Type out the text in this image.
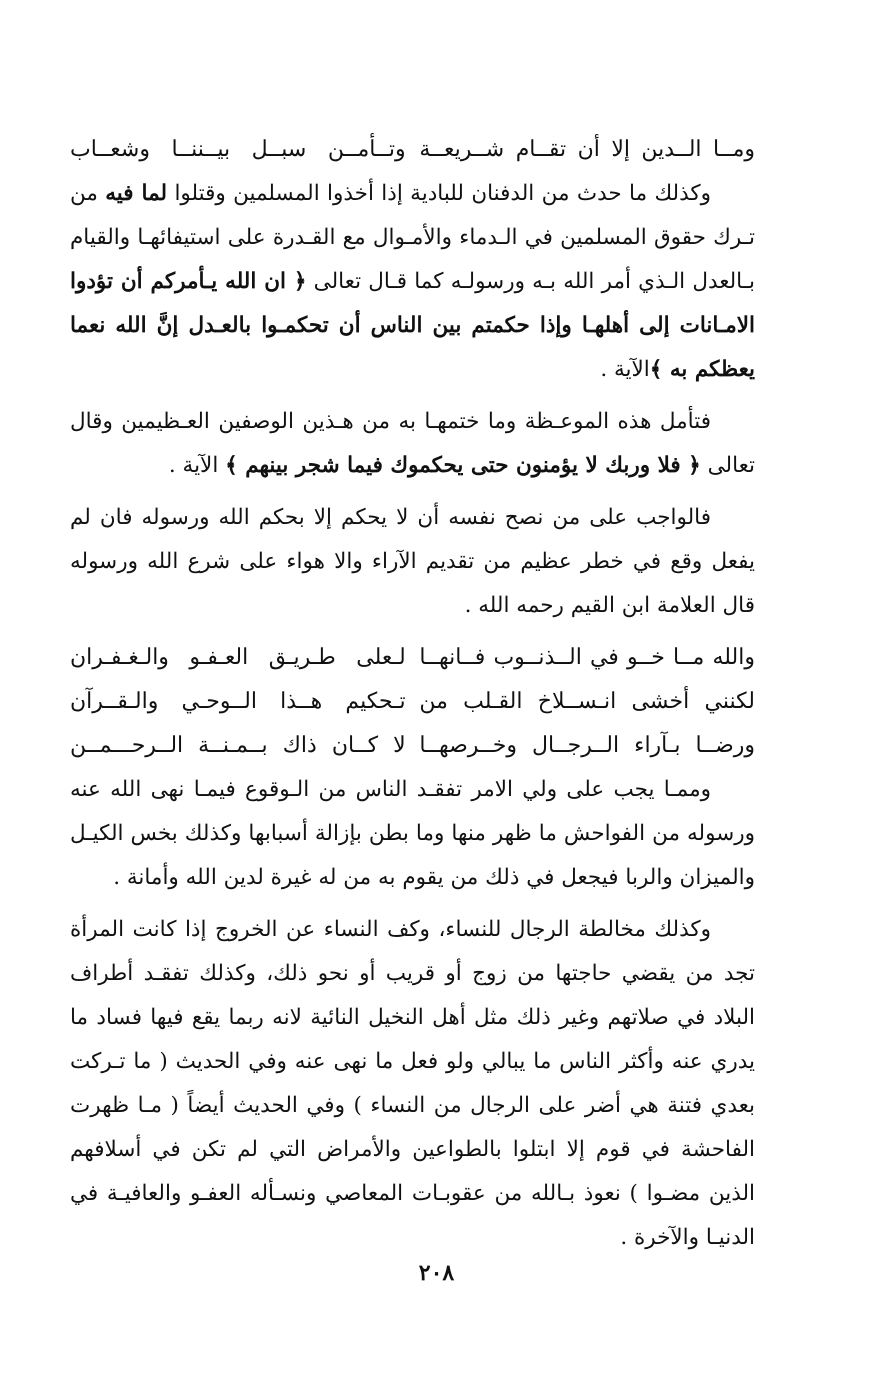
ومــا الــدين إلا أن تقــام شــريعــة
وتــأمــن سبــل بيــننــا وشعــاب

وكذلك ما حدث من الدفنان للبادية إذا أخذوا المسلمين وقتلوا لما فيه من تـرك حقوق المسلمين في الـدماء والأمـوال مع القـدرة على استيفائهـا والقيام بـالعدل الـذي أمر الله بـه ورسولـه كما قـال تعالى ﴿ ان الله يـأمركم أن تؤدوا الامـانات إلى أهلهـا وإذا حكمتم بين الناس أن تحكمـوا بالعـدل إنَّ الله نعما يعظكم به ﴾الآية .

فتأمل هذه الموعـظة وما ختمهـا به من هـذين الوصفين العـظيمين وقال تعالى ﴿ فلا وربك لا يؤمنون حتى يحكموك فيما شجر بينهم ﴾ الآية .

فالواجب على من نصح نفسه أن لا يحكم إلا بحكم الله ورسوله فان لم يفعل وقع في خطر عظيم من تقديم الآراء والا هواء على شرع الله ورسوله قال العلامة ابن القيم رحمه الله .

والله مــا خــو في الــذنــوب فــانهــا
لـعلى طـريـق العـفـو والـغـفـران
لكنني أخشى انـســلاخ القـلب من
تـحكيم هــذا الــوحـي والـقــرآن
ورضــا بـآراء الــرجــال وخــرصهــا
لا كــان ذاك بــمـنــة الــرحـــمــن

وممـا يجب على ولي الامر تفقـد الناس من الـوقوع فيمـا نهى الله عنه ورسوله من الفواحش ما ظهر منها وما بطن بإزالة أسبابها وكذلك بخس الكيـل والميزان والربا فيجعل في ذلك من يقوم به من له غيرة لدين الله وأمانة .

وكذلك مخالطة الرجال للنساء، وكف النساء عن الخروج إذا كانت المرأة تجد من يقضي حاجتها من زوج أو قريب أو نحو ذلك، وكذلك تفقـد أطراف البلاد في صلاتهم وغير ذلك مثل أهل النخيل النائية لانه ربما يقع فيها فساد ما يدري عنه وأكثر الناس ما يبالي ولو فعل ما نهى عنه وفي الحديث ( ما تـركت بعدي فتنة هي أضر على الرجال من النساء ) وفي الحديث أيضاً ( مـا ظهرت الفاحشة في قوم إلا ابتلوا بالطواعين والأمراض التي لم تكن في أسلافهم الذين مضـوا ) نعوذ بـالله من عقوبـات المعاصي ونسـأله العفـو والعافيـة في الدنيـا والآخرة .

٢٠٨
